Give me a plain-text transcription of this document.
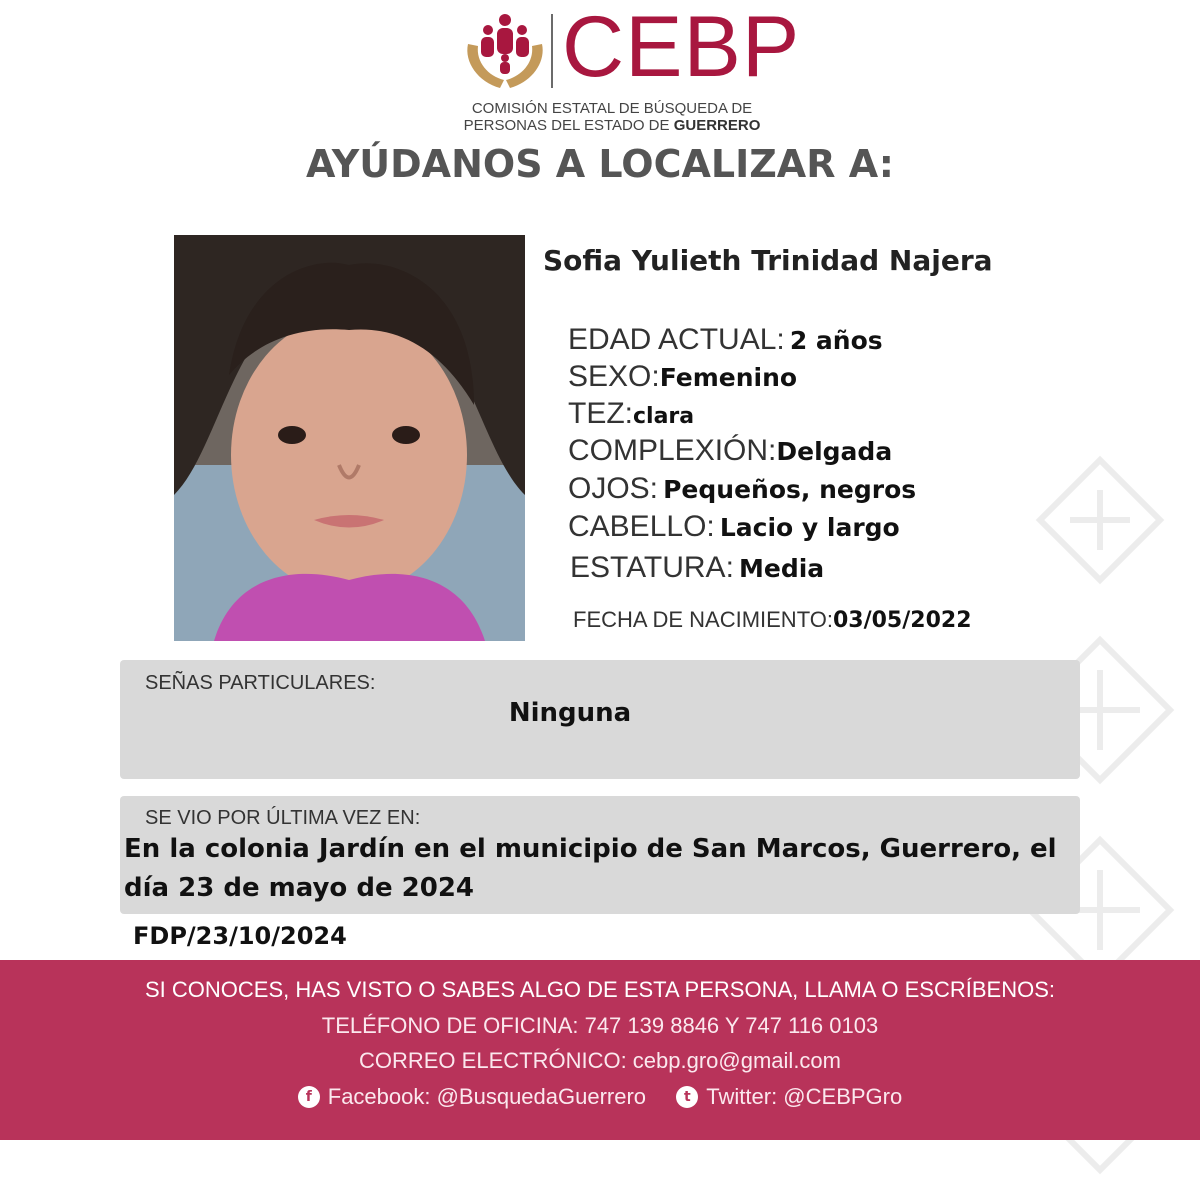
CEBP
COMISIÓN ESTATAL DE BÚSQUEDA DE
PERSONAS DEL ESTADO DE GUERRERO
AYÚDANOS A LOCALIZAR A:
Sofia Yulieth Trinidad Najera
EDAD ACTUAL: 2 años
SEXO:Femenino
TEZ:clara
COMPLEXIÓN:Delgada
OJOS: Pequeños, negros
CABELLO: Lacio y largo
ESTATURA: Media
FECHA DE NACIMIENTO:03/05/2022
SEÑAS PARTICULARES:
Ninguna
SE VIO POR ÚLTIMA VEZ EN:
En la colonia Jardín en el municipio de San Marcos, Guerrero, el
día 23 de mayo de 2024
FDP/23/10/2024
SI CONOCES, HAS VISTO O SABES ALGO DE ESTA PERSONA, LLAMA O ESCRÍBENOS:
TELÉFONO DE OFICINA: 747 139 8846 Y 747 116 0103
CORREO ELECTRÓNICO: cebp.gro@gmail.com
f Facebook: @BusquedaGuerrero
	t Twitter: @CEBPGro
